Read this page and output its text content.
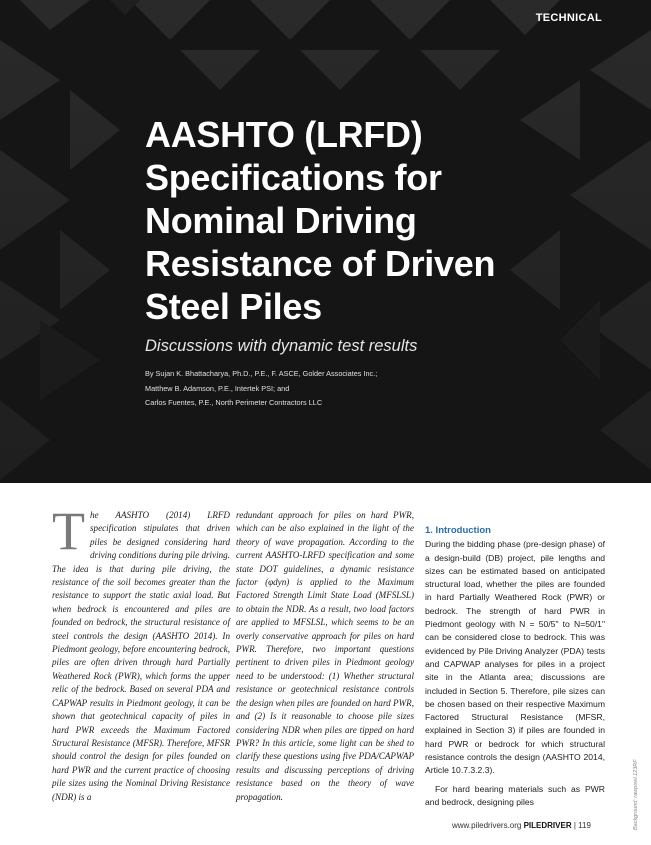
TECHNICAL
AASHTO (LRFD)
Specifications for
Nominal Driving
Resistance of Driven
Steel Piles

Discussions with dynamic test results

By Sujan K. Bhattacharya, Ph.D., P.E., F. ASCE, Golder Associates Inc.;
Matthew B. Adamson, P.E., Intertek PSI; and
Carlos Fuentes, P.E., North Perimeter Contractors LLC
T he AASHTO (2014) LRFD specification stipulates that driven piles be designed considering hard driving conditions during pile driving. The idea is that during pile driving, the resistance of the soil becomes greater than the resistance to support the static axial load. But when bedrock is encountered and piles are founded on bedrock, the structural resistance of steel controls the design (AASHTO 2014). In Piedmont geology, before encountering bedrock, piles are often driven through hard Partially Weathered Rock (PWR), which forms the upper relic of the bedrock. Based on several PDA and CAPWAP results in Piedmont geology, it can be shown that geotechnical capacity of piles in hard PWR exceeds the Maximum Factored Structural Resistance (MFSR). Therefore, MFSR should control the design for piles founded on hard PWR and the current practice of choosing pile sizes using the Nominal Driving Resistance (NDR) is a

redundant approach for piles on hard PWR, which can be also explained in the light of the theory of wave propagation. According to the current AASHTO-LRFD specification and some state DOT guidelines, a dynamic resistance factor (φdyn) is applied to the Maximum Factored Strength Limit State Load (MFSLSL) to obtain the NDR. As a result, two load factors are applied to MFSLSL, which seems to be an overly conservative approach for piles on hard PWR. Therefore, two important questions pertinent to driven piles in Piedmont geology need to be understood: (1) Whether structural resistance or geotechnical resistance controls the design when piles are founded on hard PWR, and (2) Is it reasonable to choose pile sizes considering NDR when piles are tipped on hard PWR? In this article, some light can be shed to clarify these questions using five PDA/CAPWAP results and discussing perceptions of driving resistance based on the theory of wave propagation.

1. Introduction

During the bidding phase (pre-design phase) of a design-build (DB) project, pile lengths and sizes can be estimated based on anticipated structural load, whether the piles are founded in hard Partially Weathered Rock (PWR) or bedrock. The strength of hard PWR in Piedmont geology with N = 50/5" to N=50/1" can be considered close to bedrock. This was evidenced by Pile Driving Analyzer (PDA) tests and CAPWAP analyses for piles in a project site in the Atlanta area; discussions are included in Section 5. Therefore, pile sizes can be chosen based on their respective Maximum Factored Structural Resistance (MFSR, explained in Section 3) if piles are founded in hard PWR or bedrock for which structural resistance controls the design (AASHTO 2014, Article 10.7.3.2.3).

For hard bearing materials such as PWR and bedrock, designing piles	Background: rawpixel.123RF
www.piledrivers.org PILEDRIVER | 119
